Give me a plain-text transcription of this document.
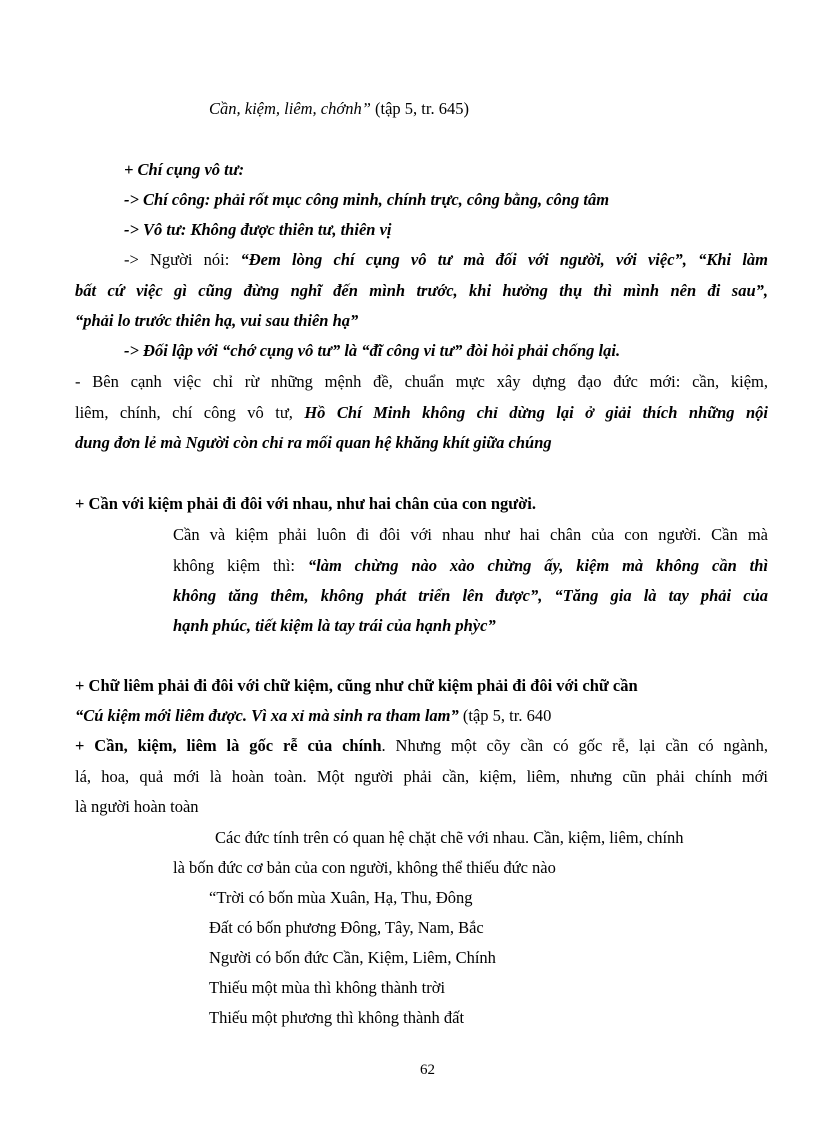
Cần, kiệm, liêm, chớnh” (tập 5, tr. 645)
+ Chí cụng vô tư:
-> Chí công: phải rốt mục công minh, chính trực, công bằng, công tâm
-> Vô tư: Không được thiên tư, thiên vị
-> Người nói: “Đem lòng chí cụng vô tư mà đối với người, với việc”, “Khi làm
bất cứ việc gì cũng đừng nghĩ đến mình trước, khi hưởng thụ thì mình nên đi sau”,
“phải lo trước thiên hạ, vui sau thiên hạ”
-> Đối lập với “chớ cụng vô tư” là “đĩ công vi tư” đòi hỏi phải chống lại.
- Bên cạnh việc chỉ rừ những mệnh đề, chuẩn mực xây dựng đạo đức mới: cần, kiệm,
liêm, chính, chí công vô tư, Hồ Chí Minh không chỉ dừng lại ở giải thích những nội
dung đơn lẻ mà Người còn chỉ ra mối quan hệ khăng khít giữa chúng
+ Cần với kiệm phải đi đôi với nhau, như hai chân của con người.
Cần và kiệm phải luôn đi đôi với nhau như hai chân của con người. Cần mà
không kiệm thì: “làm chừng nào xào chừng ấy, kiệm mà không cần thì
không tăng thêm, không phát triển lên được”, “Tăng gia là tay phải của
hạnh phúc, tiết kiệm là tay trái của hạnh phỳc”
+ Chữ liêm phải đi đôi với chữ kiệm, cũng như chữ kiệm phải đi đôi với chữ cần
“Cú kiệm mới liêm được. Vì xa xỉ mà sinh ra tham lam” (tập 5, tr. 640
+ Cần, kiệm, liêm là gốc rễ của chính. Nhưng một cõy cần có gốc rễ, lại cần có ngành,
lá, hoa, quả mới là hoàn toàn. Một người phải cần, kiệm, liêm, nhưng cũn phải chính mới
là người hoàn toàn
Các đức tính trên có quan hệ chặt chẽ với nhau. Cần, kiệm, liêm, chính
là bốn đức cơ bản của con người, không thể thiếu đức nào
“Trời có bốn mùa Xuân, Hạ, Thu, Đông
Đất có bốn phương Đông, Tây, Nam, Bắc
Người có bốn đức Cần, Kiệm, Liêm, Chính
Thiếu một mùa thì không thành trời
Thiếu một phương thì không thành đất
62
